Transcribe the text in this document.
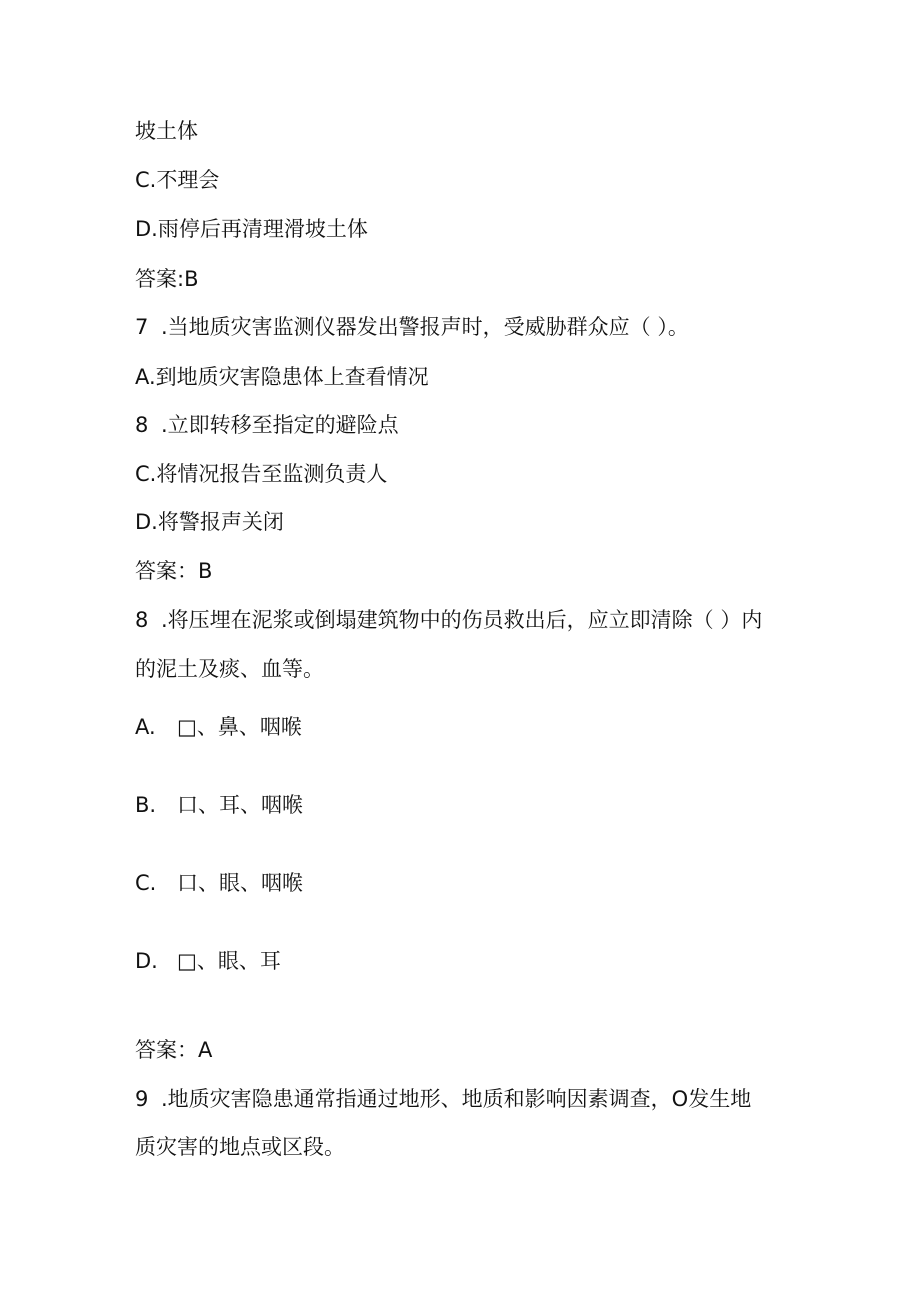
坡土体
C.不理会
D.雨停后再清理滑坡土体
答案:B
7 .当地质灾害监测仪器发出警报声时，受威胁群众应（ ）。
A.到地质灾害隐患体上查看情况
8 .立即转移至指定的避险点
C.将情况报告至监测负责人
D.将警报声关闭
答案：B
8 .将压埋在泥浆或倒塌建筑物中的伤员救出后，应立即清除（ ）内
的泥土及痰、血等。
A. □、鼻、咽喉
B. 口、耳、咽喉
C. 口、眼、咽喉
D. □、眼、耳
答案：A
9 .地质灾害隐患通常指通过地形、地质和影响因素调查，O发生地
质灾害的地点或区段。
